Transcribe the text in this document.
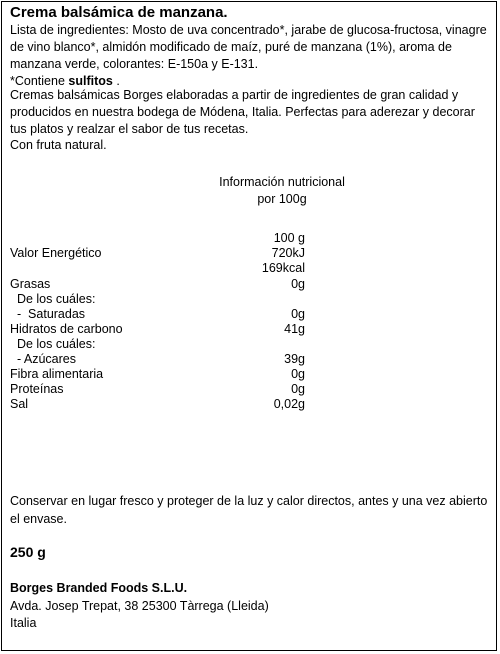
Crema balsámica de manzana.
Lista de ingredientes: Mosto de uva concentrado*, jarabe de glucosa-fructosa, vinagre de vino blanco*, almidón modificado de maíz, puré de manzana (1%), aroma de manzana verde, colorantes: E-150a y E-131.
*Contiene sulfitos .
Cremas balsámicas Borges elaboradas a partir de ingredientes de gran calidad y producidos en nuestra bodega de Módena, Italia. Perfectas para aderezar y decorar tus platos y realzar el sabor de tus recetas.
Con fruta natural.
Información nutricional
por 100g
100 g
Valor Energético	720kJ
169kcal
Grasas	0g
De los cuáles:
-  Saturadas	0g
Hidratos de carbono	41g
De los cuáles:
- Azúcares	39g
Fibra alimentaria	0g
Proteínas	0g
Sal	0,02g
Conservar en lugar fresco y proteger de la luz y calor directos, antes y una vez abierto el envase.
250 g
Borges Branded Foods S.L.U.
Avda. Josep Trepat, 38 25300 Tàrrega (Lleida)
Italia
